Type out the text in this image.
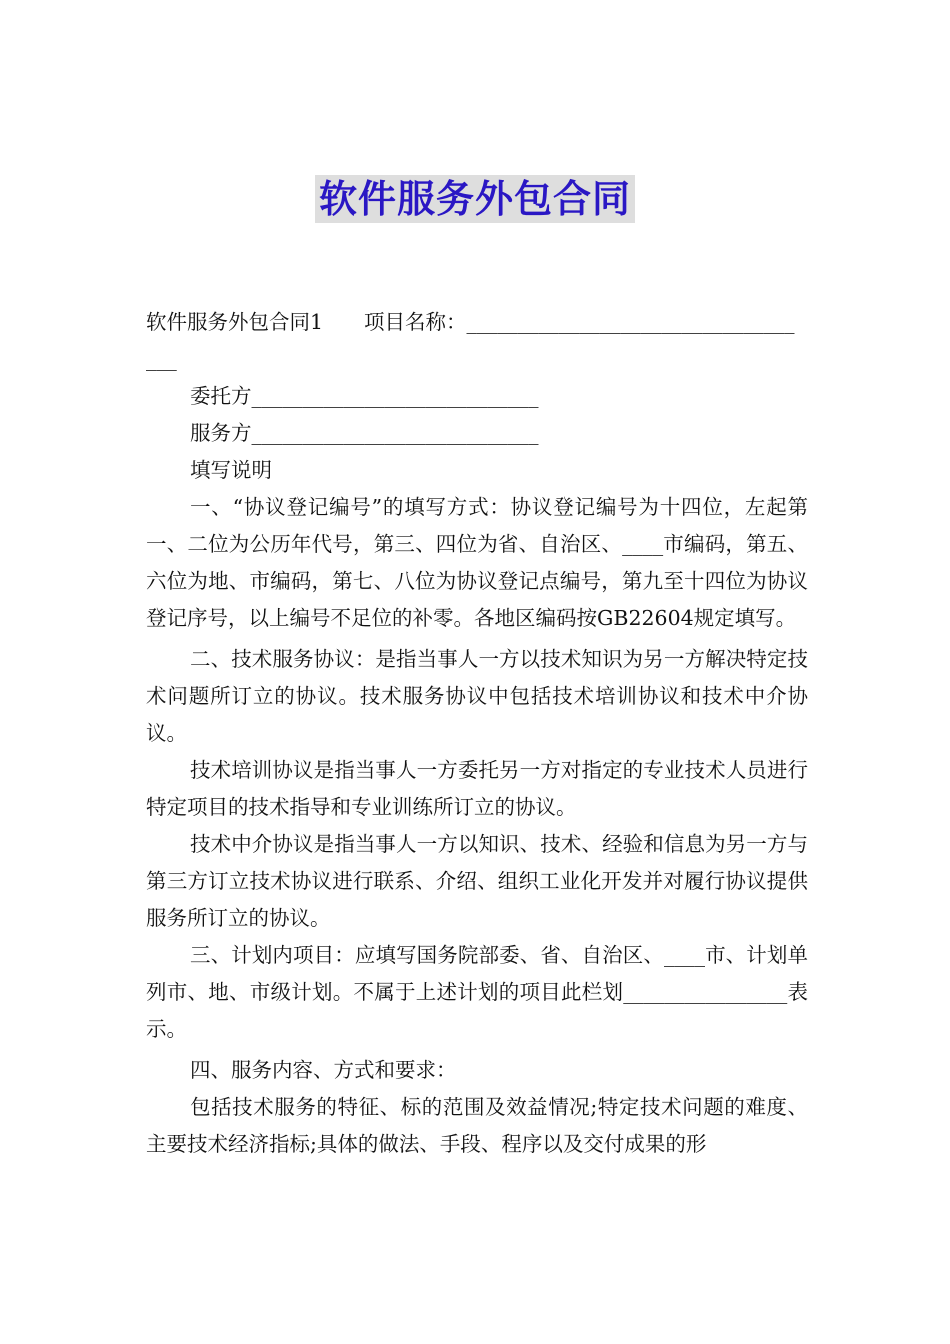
软件服务外包合同

软件服务外包合同1　　项目名称：________________________________

___

委托方____________________________

服务方____________________________

填写说明

一、“协议登记编号”的填写方式：协议登记编号为十四位，左起第一、二位为公历年代号，第三、四位为省、自治区、____市编码，第五、六位为地、市编码，第七、八位为协议登记点编号，第九至十四位为协议登记序号，以上编号不足位的补零。各地区编码按GB22604规定填写。

二、技术服务协议：是指当事人一方以技术知识为另一方解决特定技术问题所订立的协议。技术服务协议中包括技术培训协议和技术中介协议。

技术培训协议是指当事人一方委托另一方对指定的专业技术人员进行特定项目的技术指导和专业训练所订立的协议。

技术中介协议是指当事人一方以知识、技术、经验和信息为另一方与第三方订立技术协议进行联系、介绍、组织工业化开发并对履行协议提供服务所订立的协议。

三、计划内项目：应填写国务院部委、省、自治区、____市、计划单列市、地、市级计划。不属于上述计划的项目此栏划________________表示。

四、服务内容、方式和要求：

包括技术服务的特征、标的范围及效益情况;特定技术问题的难度、主要技术经济指标;具体的做法、手段、程序以及交付成果的形
